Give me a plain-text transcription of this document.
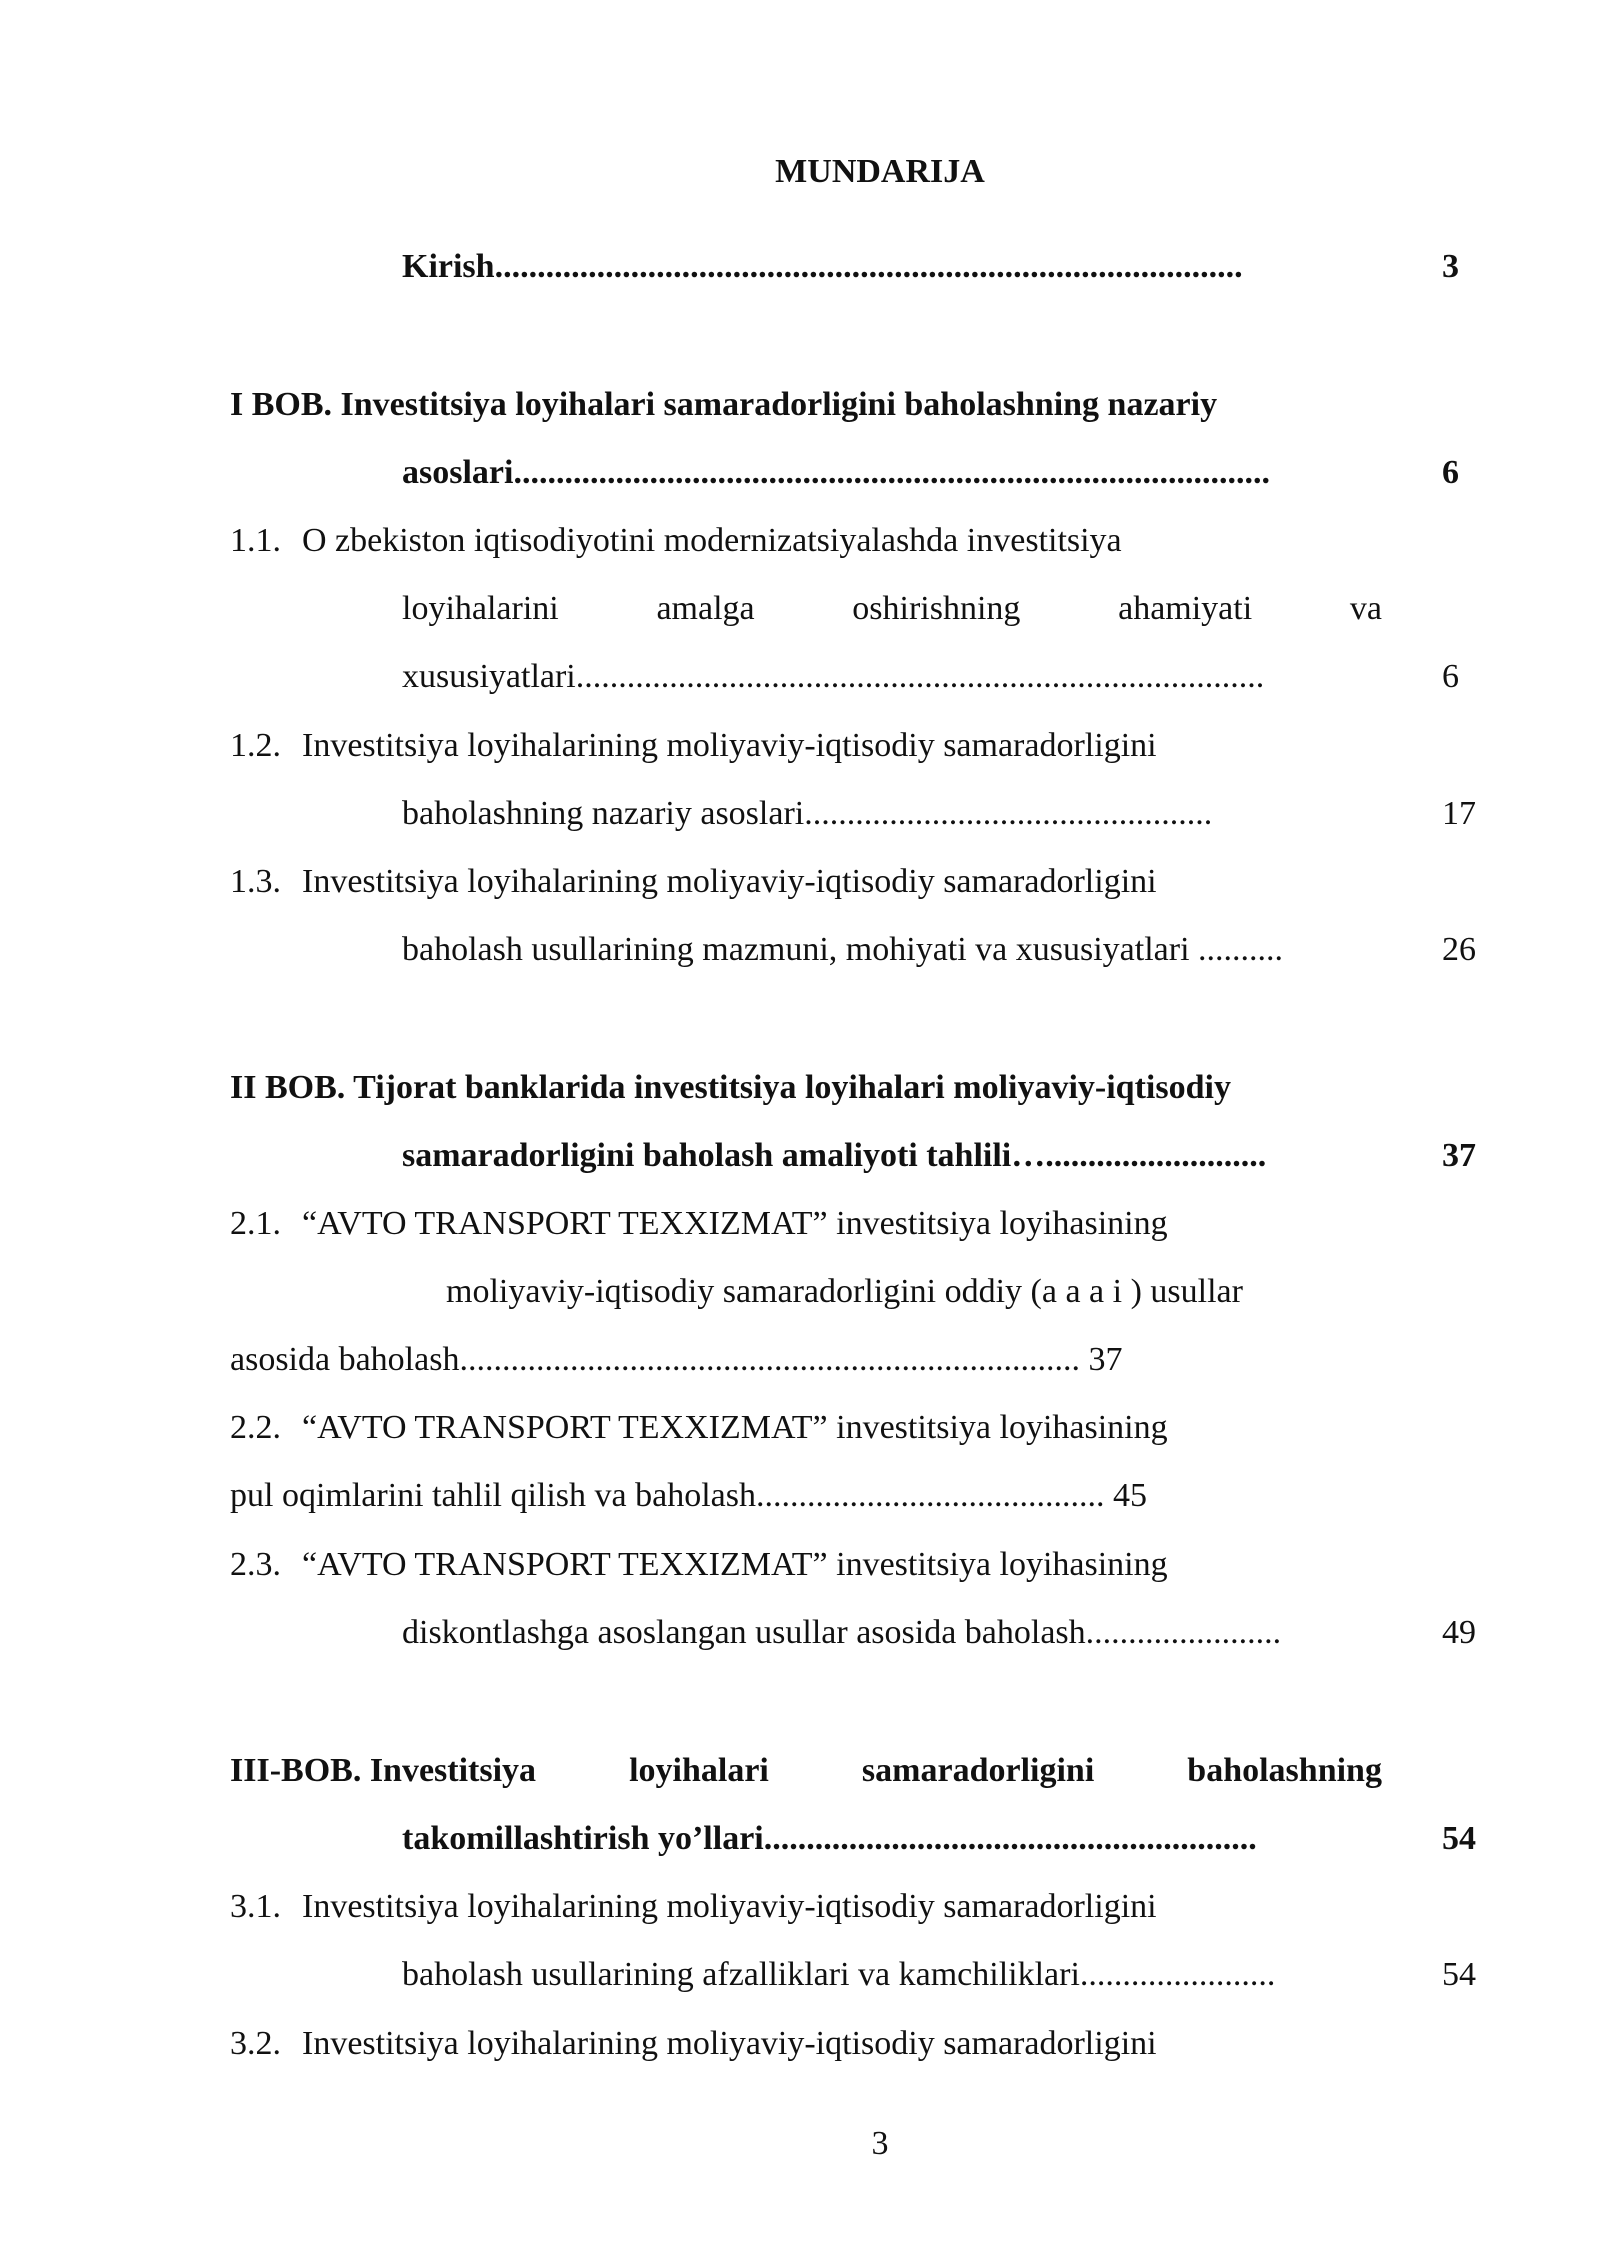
MUNDARIJA
Kirish........................................................................................	3
I BOB. Investitsiya loyihalari samaradorligini baholashning nazariy
asoslari.........................................................................................	6
1.1. O zbekiston iqtisodiyotini modernizatsiyalashda investitsiya
loyihalarini	amalga	oshirishning	ahamiyati	va
xususiyatlari.................................................................................	6
1.2. Investitsiya loyihalarining moliyaviy-iqtisodiy samaradorligini
baholashning nazariy asoslari................................................	17
1.3. Investitsiya loyihalarining moliyaviy-iqtisodiy samaradorligini
baholash usullarining mazmuni, mohiyati va xususiyatlari ..........	26
II BOB. Tijorat banklarida investitsiya loyihalari moliyaviy-iqtisodiy
samaradorligini baholash amaliyoti tahlili…..........................	37
2.1. “AVTO TRANSPORT TEXXIZMAT” investitsiya loyihasining
moliyaviy-iqtisodiy samaradorligini oddiy (a a a i ) usullar
asosida baholash......................................................................... 37
2.2. “AVTO TRANSPORT TEXXIZMAT” investitsiya loyihasining
pul oqimlarini tahlil qilish va baholash......................................... 45
2.3. “AVTO TRANSPORT TEXXIZMAT” investitsiya loyihasining
diskontlashga asoslangan usullar asosida baholash.......................	49
III-BOB. Investitsiya	loyihalari	samaradorligini	baholashning
takomillashtirish yo’llari..........................................................	54
3.1. Investitsiya loyihalarining moliyaviy-iqtisodiy samaradorligini
baholash usullarining afzalliklari va kamchiliklari.......................	54
3.2. Investitsiya loyihalarining moliyaviy-iqtisodiy samaradorligini
3
